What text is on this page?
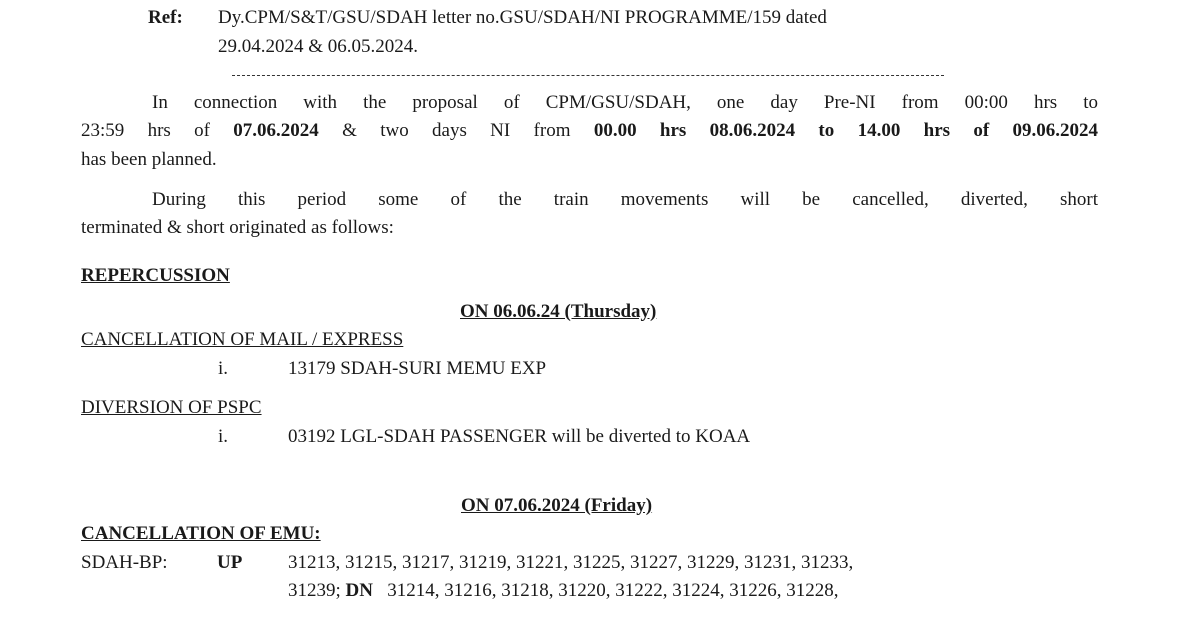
Ref: Dy.CPM/S&T/GSU/SDAH letter no.GSU/SDAH/NI PROGRAMME/159 dated
29.04.2024 & 06.05.2024.
In connection with the proposal of CPM/GSU/SDAH, one day Pre-NI from 00:00 hrs to
23:59 hrs of 07.06.2024 & two days NI from 00.00 hrs 08.06.2024 to 14.00 hrs of 09.06.2024
has been planned.
During this period some of the train movements will be cancelled, diverted, short
terminated & short originated as follows:
REPERCUSSION
ON 06.06.24 (Thursday)
CANCELLATION OF MAIL / EXPRESS
i.	13179 SDAH-SURI MEMU EXP
DIVERSION OF PSPC
i.	03192 LGL-SDAH PASSENGER will be diverted to KOAA
ON 07.06.2024 (Friday)
CANCELLATION OF EMU:
SDAH-BP:	UP 31213, 31215, 31217, 31219, 31221, 31225, 31227, 31229, 31231, 31233,
31239; DN 31214, 31216, 31218, 31220, 31222, 31224, 31226, 31228,
